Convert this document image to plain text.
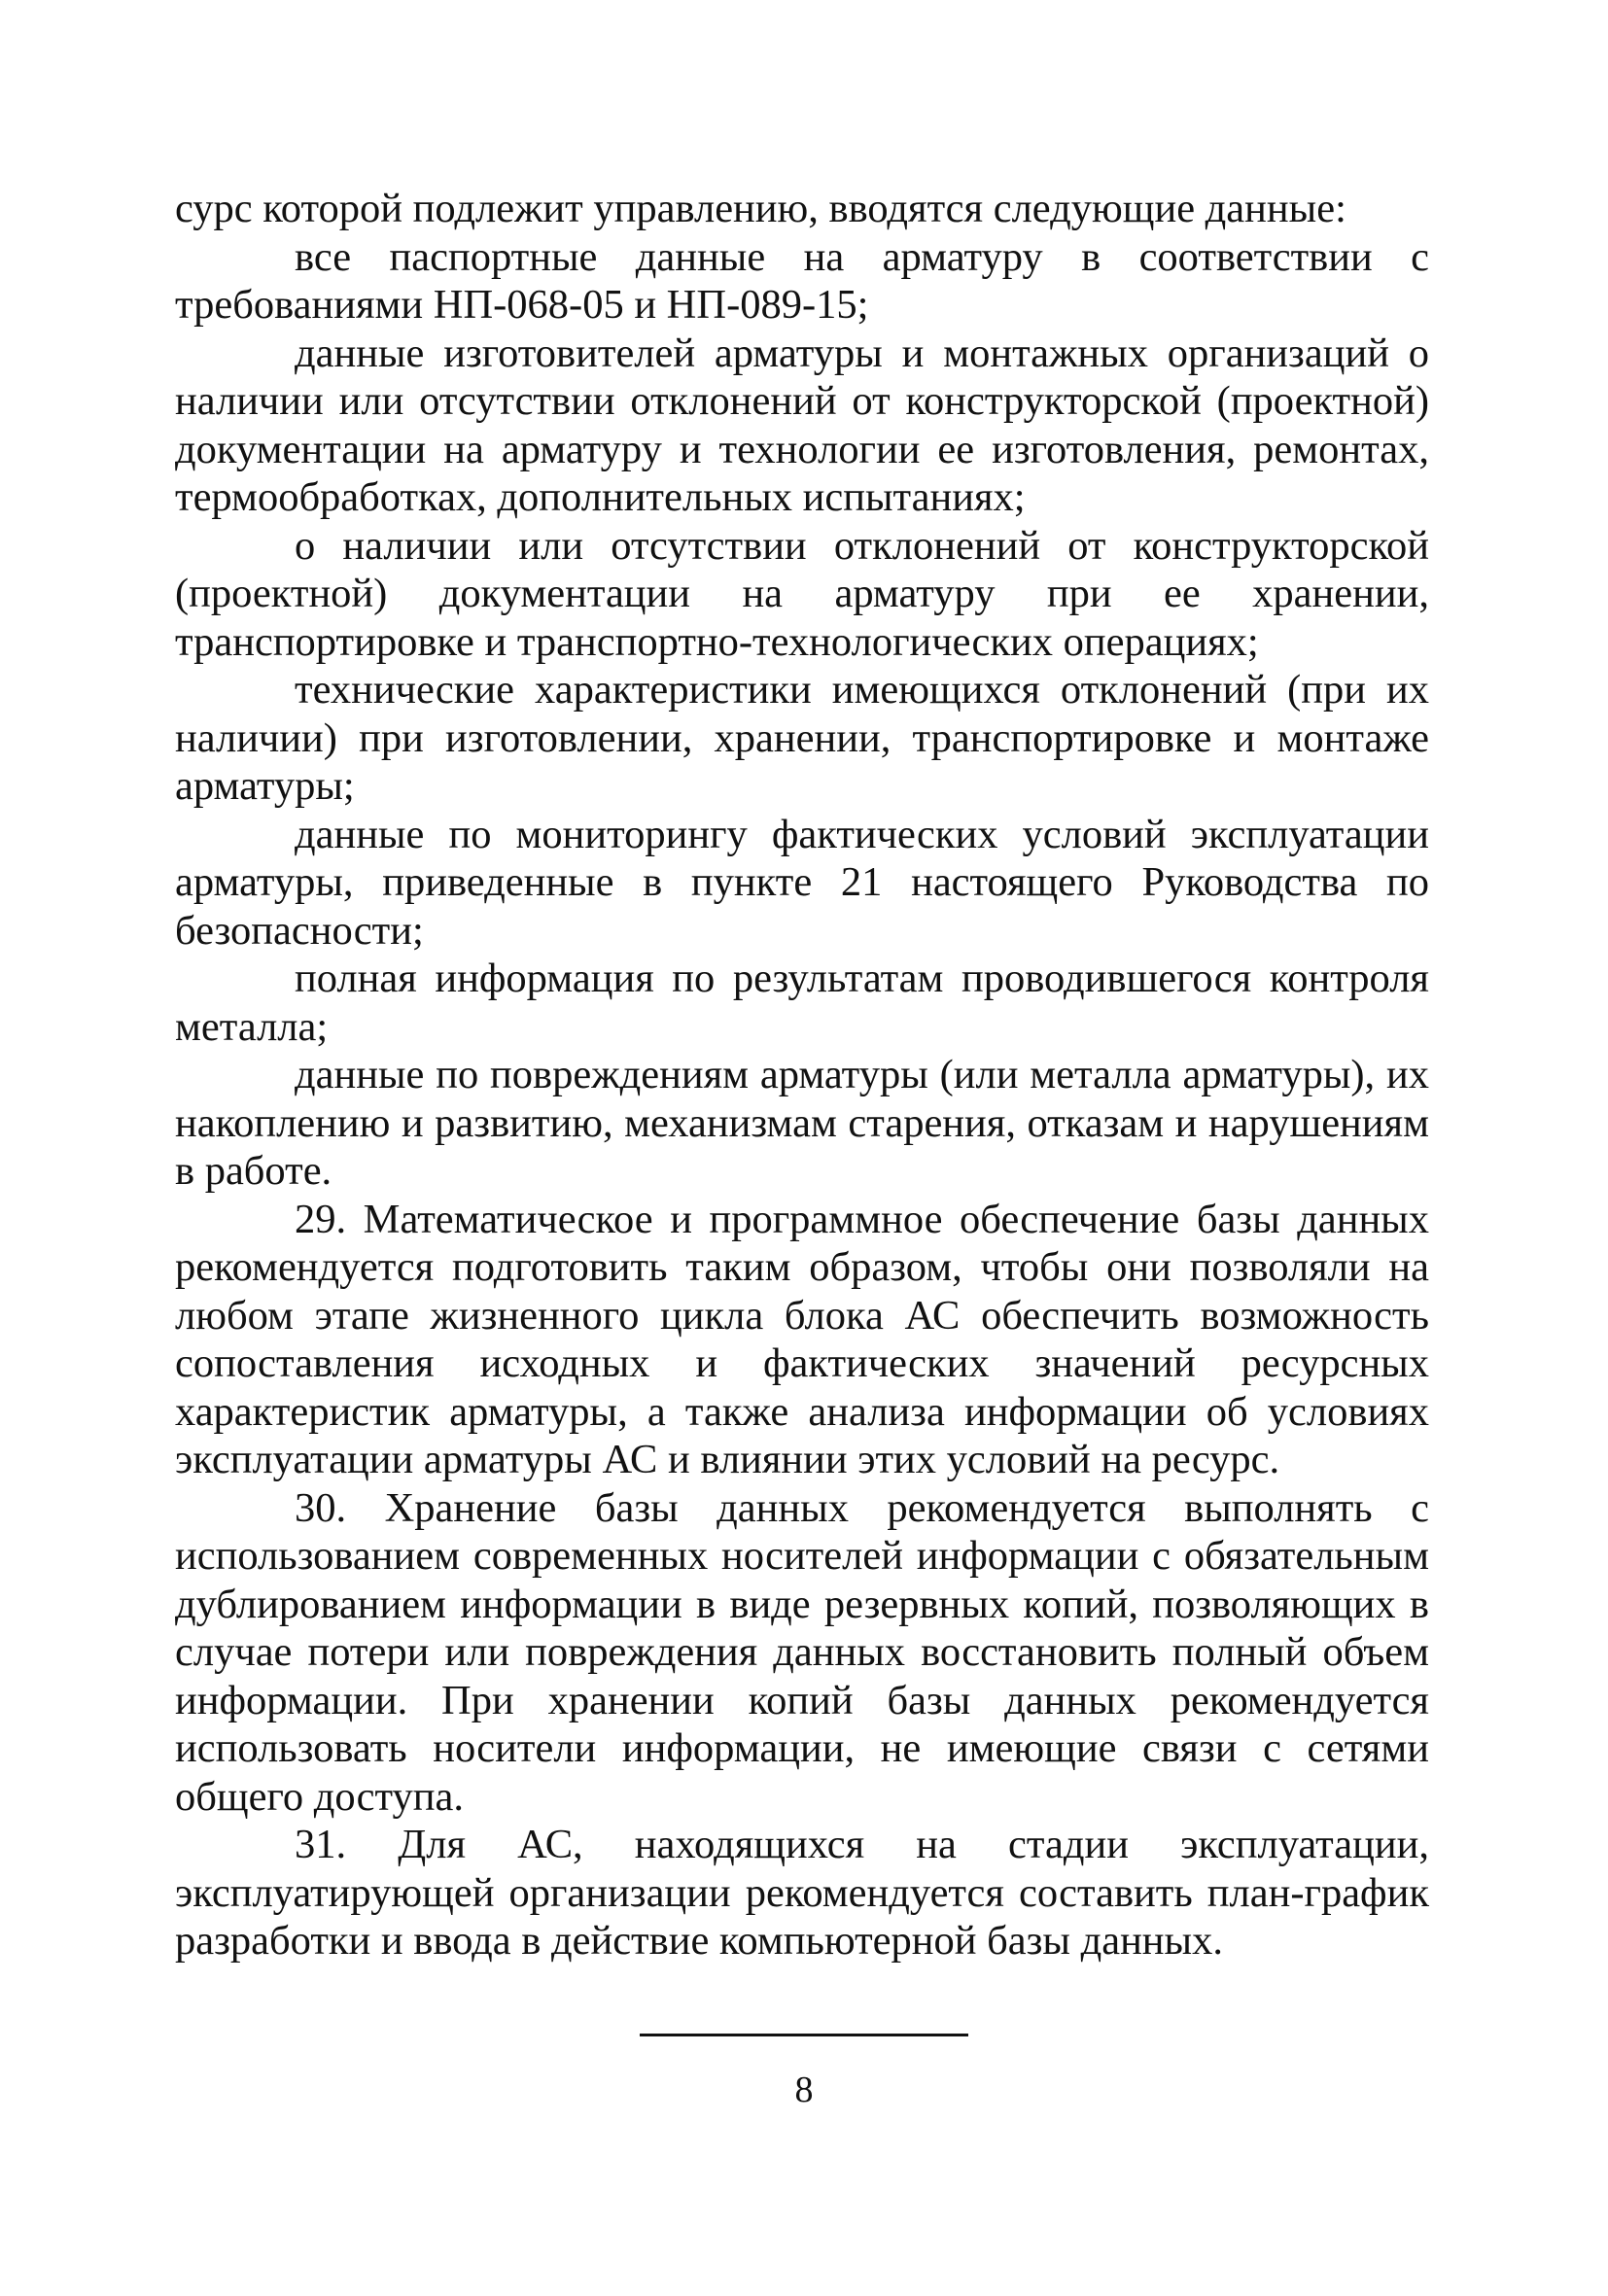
сурс которой подлежит управлению, вводятся следующие данные:

все паспортные данные на арматуру в соответствии с требованиями НП-068-05 и НП-089-15;

данные изготовителей арматуры и монтажных организаций о наличии или отсутствии отклонений от конструкторской (проектной) документации на арматуру и технологии ее изготовления, ремонтах, термообработках, дополнительных испытаниях;

о наличии или отсутствии отклонений от конструкторской (проектной) документации на арматуру при ее хранении, транспортировке и транспортно-технологических операциях;

технические характеристики имеющихся отклонений (при их наличии) при изготовлении, хранении, транспортировке и монтаже арматуры;

данные по мониторингу фактических условий эксплуатации арматуры, приведенные в пункте 21 настоящего Руководства по безопасности;

полная информация по результатам проводившегося контроля металла;

данные по повреждениям арматуры (или металла арматуры), их накоплению и развитию, механизмам старения, отказам и нарушениям в работе.

29. Математическое и программное обеспечение базы данных рекомендуется подготовить таким образом, чтобы они позволяли на любом этапе жизненного цикла блока АС обеспечить возможность сопоставления исходных и фактических значений ресурсных характеристик арматуры, а также анализа информации об условиях эксплуатации арматуры АС и влиянии этих условий на ресурс.

30. Хранение базы данных рекомендуется выполнять с использованием современных носителей информации с обязательным дублированием информации в виде резервных копий, позволяющих в случае потери или повреждения данных восстановить полный объем информации. При хранении копий базы данных рекомендуется использовать носители информации, не имеющие связи с сетями общего доступа.

31. Для АС, находящихся на стадии эксплуатации, эксплуатирующей организации рекомендуется составить план-график разработки и ввода в действие компьютерной базы данных.

8
